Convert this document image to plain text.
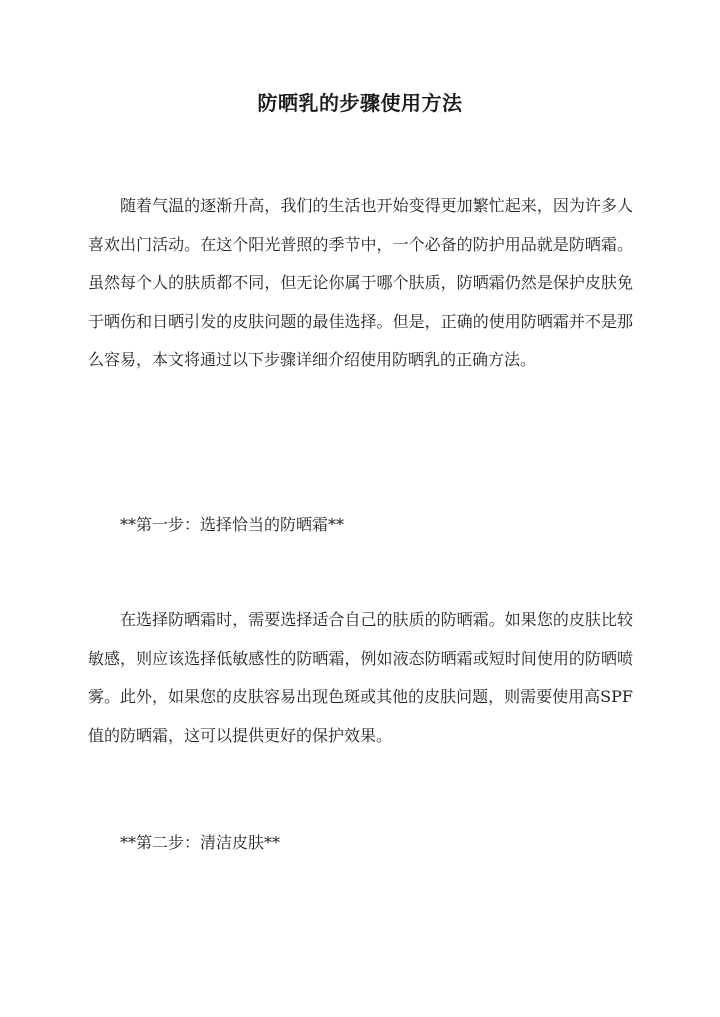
防晒乳的步骤使用方法
随着气温的逐渐升高，我们的生活也开始变得更加繁忙起来，因为许多人喜欢出门活动。在这个阳光普照的季节中，一个必备的防护用品就是防晒霜。虽然每个人的肤质都不同，但无论你属于哪个肤质，防晒霜仍然是保护皮肤免于晒伤和日晒引发的皮肤问题的最佳选择。但是，正确的使用防晒霜并不是那么容易，本文将通过以下步骤详细介绍使用防晒乳的正确方法。
**第一步：选择恰当的防晒霜**
在选择防晒霜时，需要选择适合自己的肤质的防晒霜。如果您的皮肤比较敏感，则应该选择低敏感性的防晒霜，例如液态防晒霜或短时间使用的防晒喷雾。此外，如果您的皮肤容易出现色斑或其他的皮肤问题，则需要使用高SPF值的防晒霜，这可以提供更好的保护效果。
**第二步：清洁皮肤**
